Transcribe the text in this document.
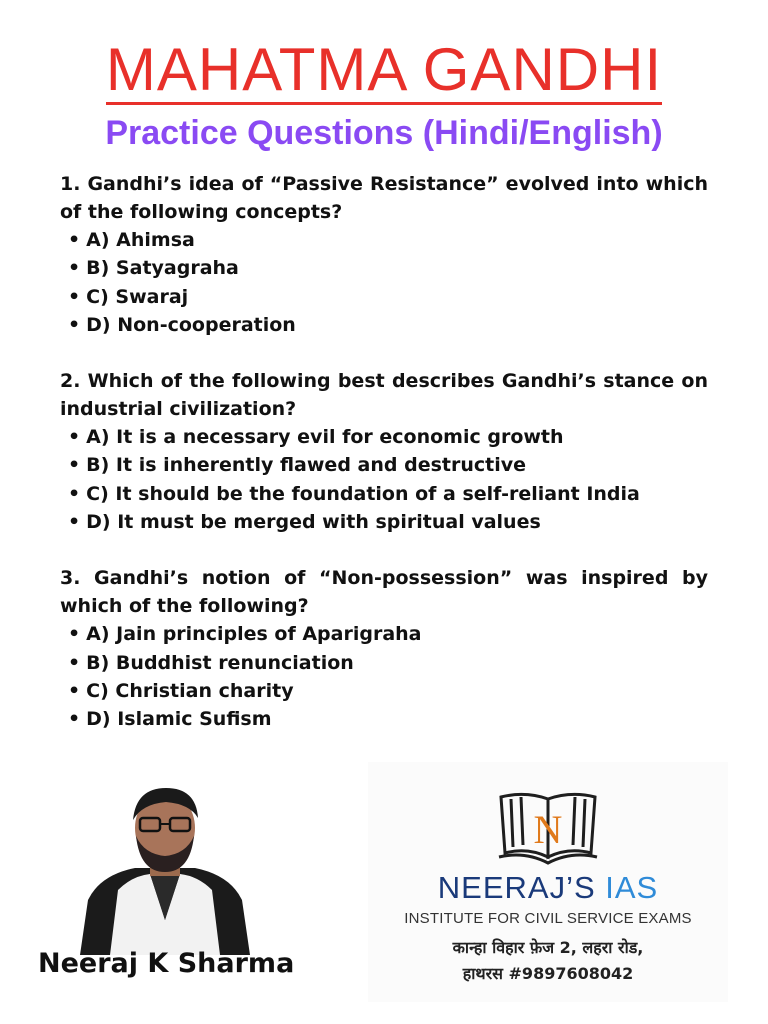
MAHATMA GANDHI
Practice Questions (Hindi/English)
1. Gandhi’s idea of “Passive Resistance” evolved into which of the following concepts?
• A) Ahimsa
• B) Satyagraha
• C) Swaraj
• D) Non-cooperation
2. Which of the following best describes Gandhi’s stance on industrial civilization?
• A) It is a necessary evil for economic growth
• B) It is inherently flawed and destructive
• C) It should be the foundation of a self-reliant India
• D) It must be merged with spiritual values
3. Gandhi’s notion of “Non-possession” was inspired by which of the following?
• A) Jain principles of Aparigraha
• B) Buddhist renunciation
• C) Christian charity
• D) Islamic Sufism
Neeraj K Sharma
N
NEERAJ’S IAS
INSTITUTE FOR CIVIL SERVICE EXAMS
कान्हा विहार फ़ेज 2, लहरा रोड,
हाथरस #9897608042
